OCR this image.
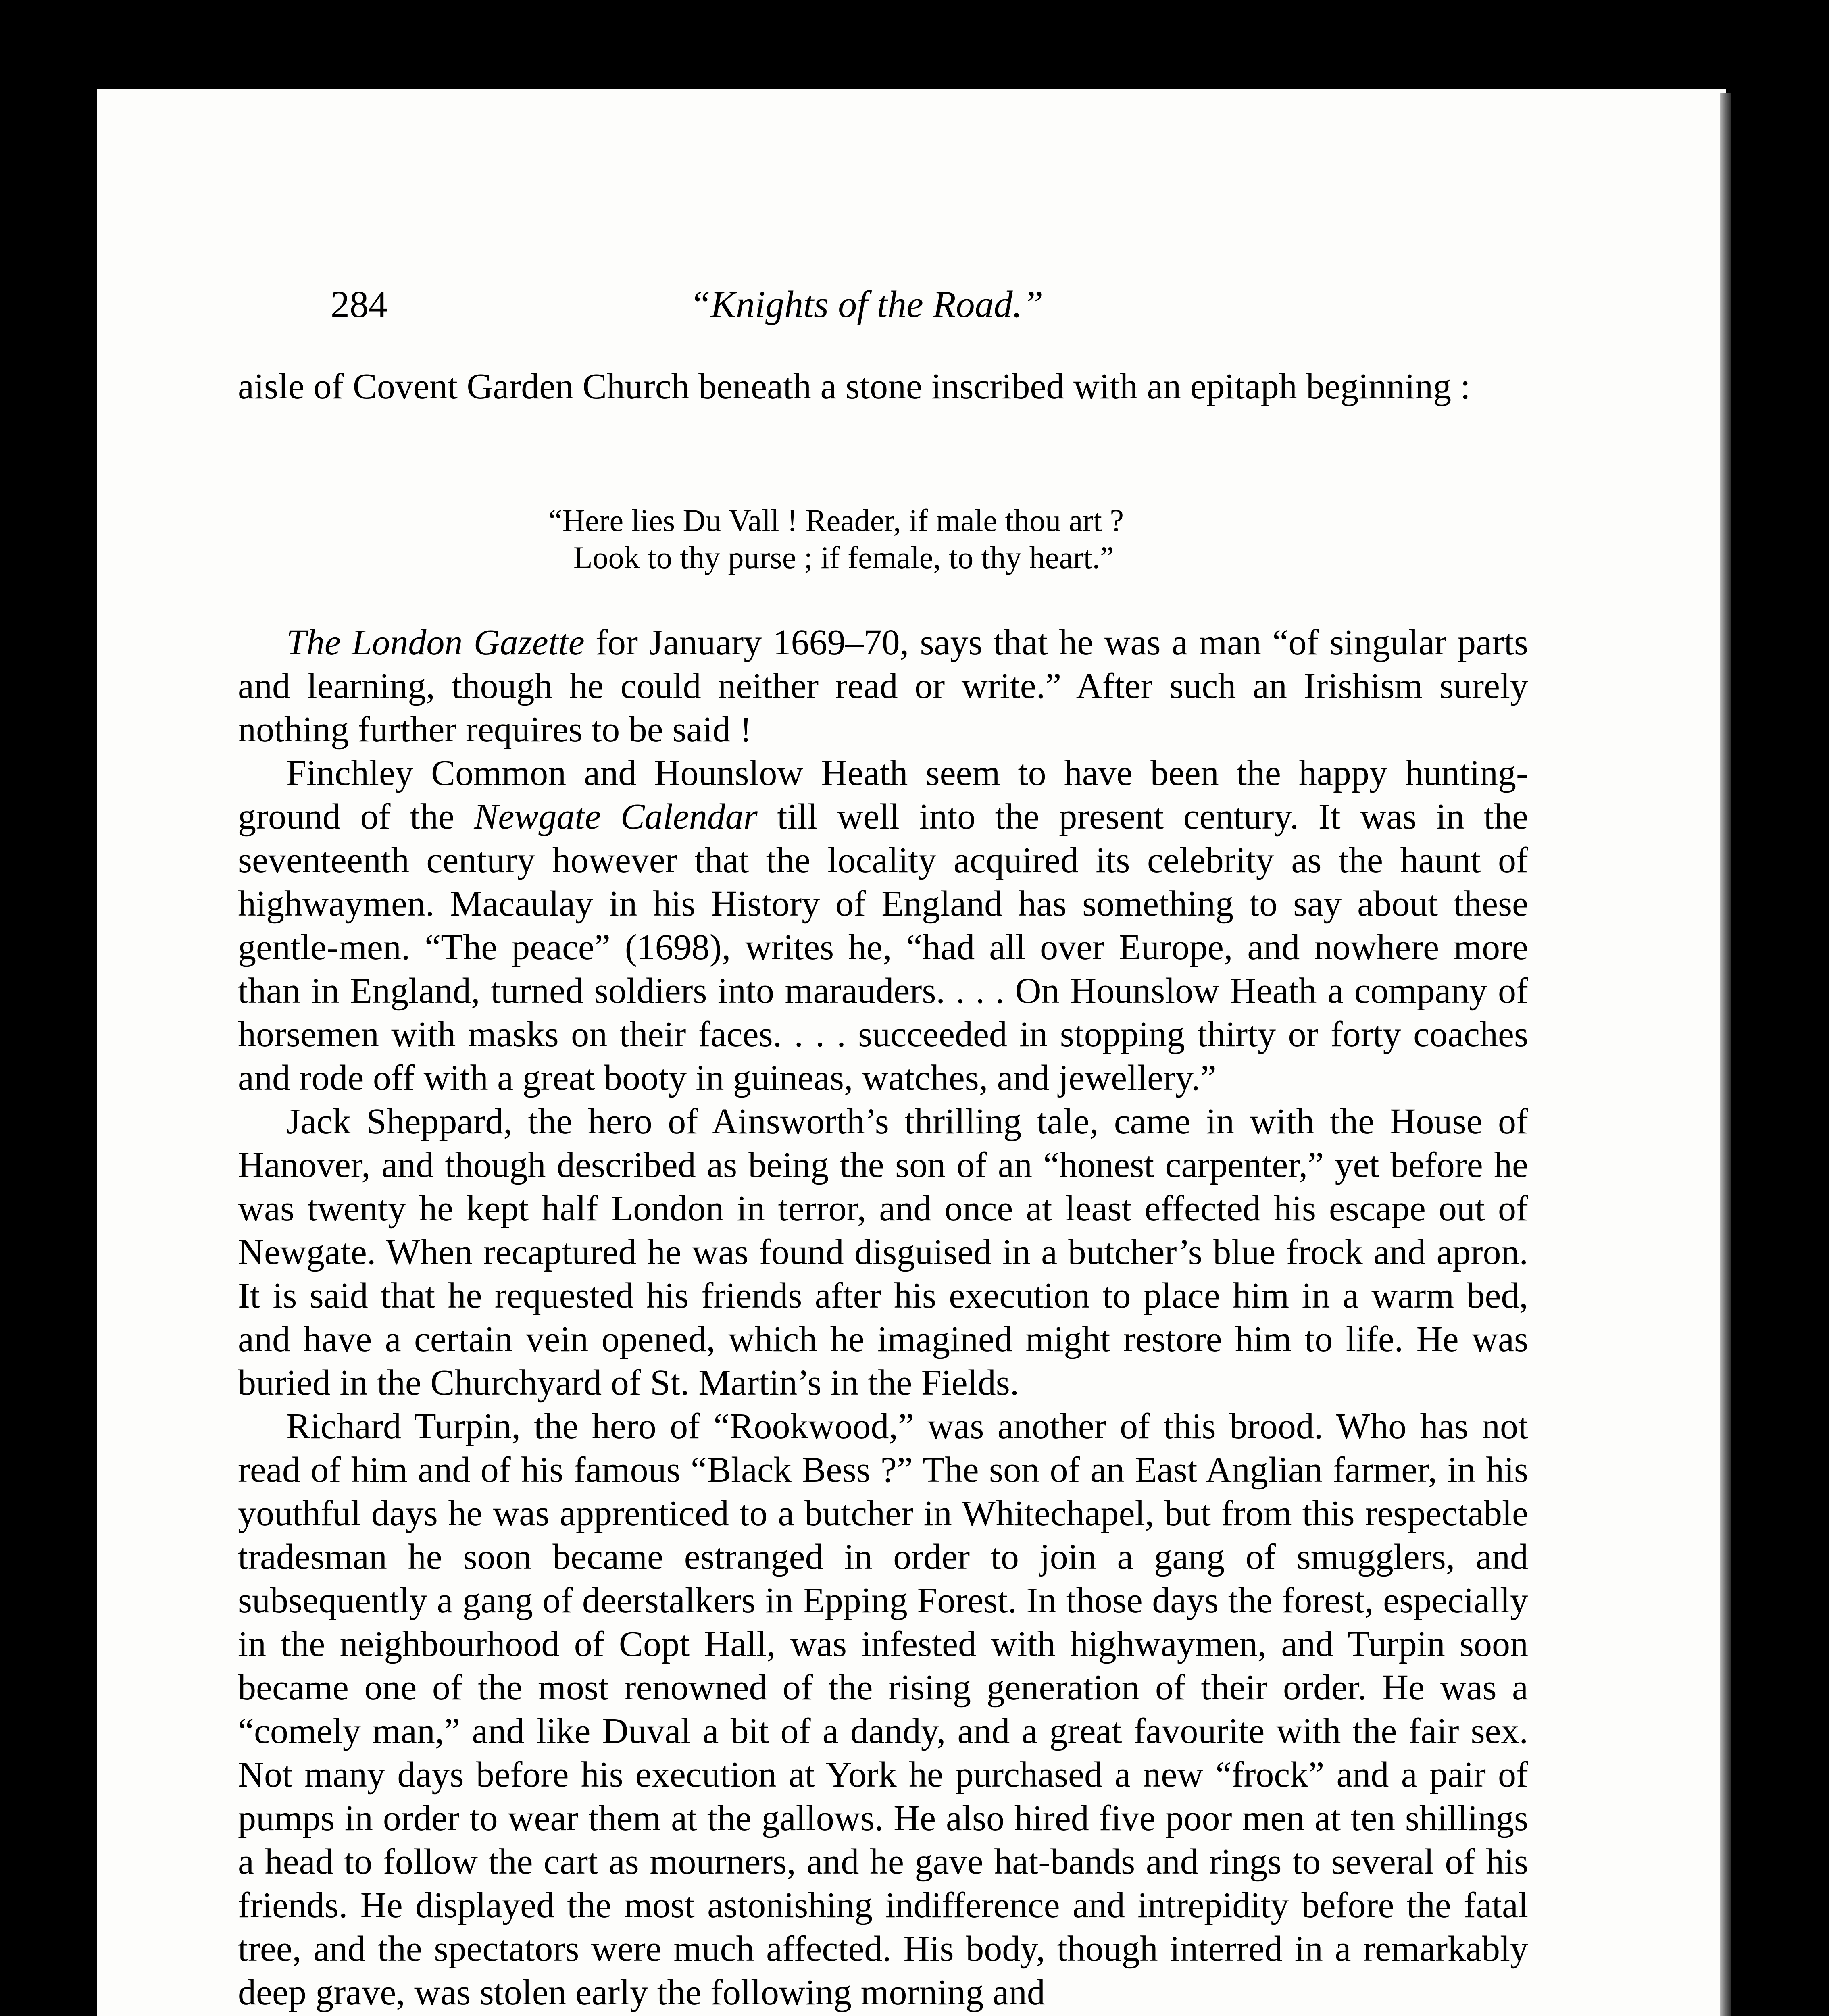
284	“Knights of the Road.”

aisle of Covent Garden Church beneath a stone inscribed with an epitaph beginning :

“Here lies Du Vall ! Reader, if male thou art ?
Look to thy purse ; if female, to thy heart.”

The London Gazette for January 1669–70, says that he was a man “of singular parts and learning, though he could neither read or write.” After such an Irishism surely nothing further requires to be said !

Finchley Common and Hounslow Heath seem to have been the happy hunting-ground of the Newgate Calendar till well into the present century. It was in the seventeenth century however that the locality acquired its celebrity as the haunt of highwaymen. Macaulay in his History of England has something to say about these gentle-men. “The peace” (1698), writes he, “had all over Europe, and nowhere more than in England, turned soldiers into marauders. . . . On Hounslow Heath a company of horsemen with masks on their faces. . . . succeeded in stopping thirty or forty coaches and rode off with a great booty in guineas, watches, and jewellery.”

Jack Sheppard, the hero of Ainsworth’s thrilling tale, came in with the House of Hanover, and though described as being the son of an “honest carpenter,” yet before he was twenty he kept half London in terror, and once at least effected his escape out of Newgate. When recaptured he was found disguised in a butcher’s blue frock and apron. It is said that he requested his friends after his execution to place him in a warm bed, and have a certain vein opened, which he imagined might restore him to life. He was buried in the Churchyard of St. Martin’s in the Fields.

Richard Turpin, the hero of “Rookwood,” was another of this brood. Who has not read of him and of his famous “Black Bess ?” The son of an East Anglian farmer, in his youthful days he was apprenticed to a butcher in Whitechapel, but from this respectable tradesman he soon became estranged in order to join a gang of smugglers, and subsequently a gang of deerstalkers in Epping Forest. In those days the forest, especially in the neighbourhood of Copt Hall, was infested with highwaymen, and Turpin soon became one of the most renowned of the rising generation of their order. He was a “comely man,” and like Duval a bit of a dandy, and a great favourite with the fair sex. Not many days before his execution at York he purchased a new “frock” and a pair of pumps in order to wear them at the gallows. He also hired five poor men at ten shillings a head to follow the cart as mourners, and he gave hat-bands and rings to several of his friends. He displayed the most astonishing indifference and intrepidity before the fatal tree, and the spectators were much affected. His body, though interred in a remarkably deep grave, was stolen early the following morning and
